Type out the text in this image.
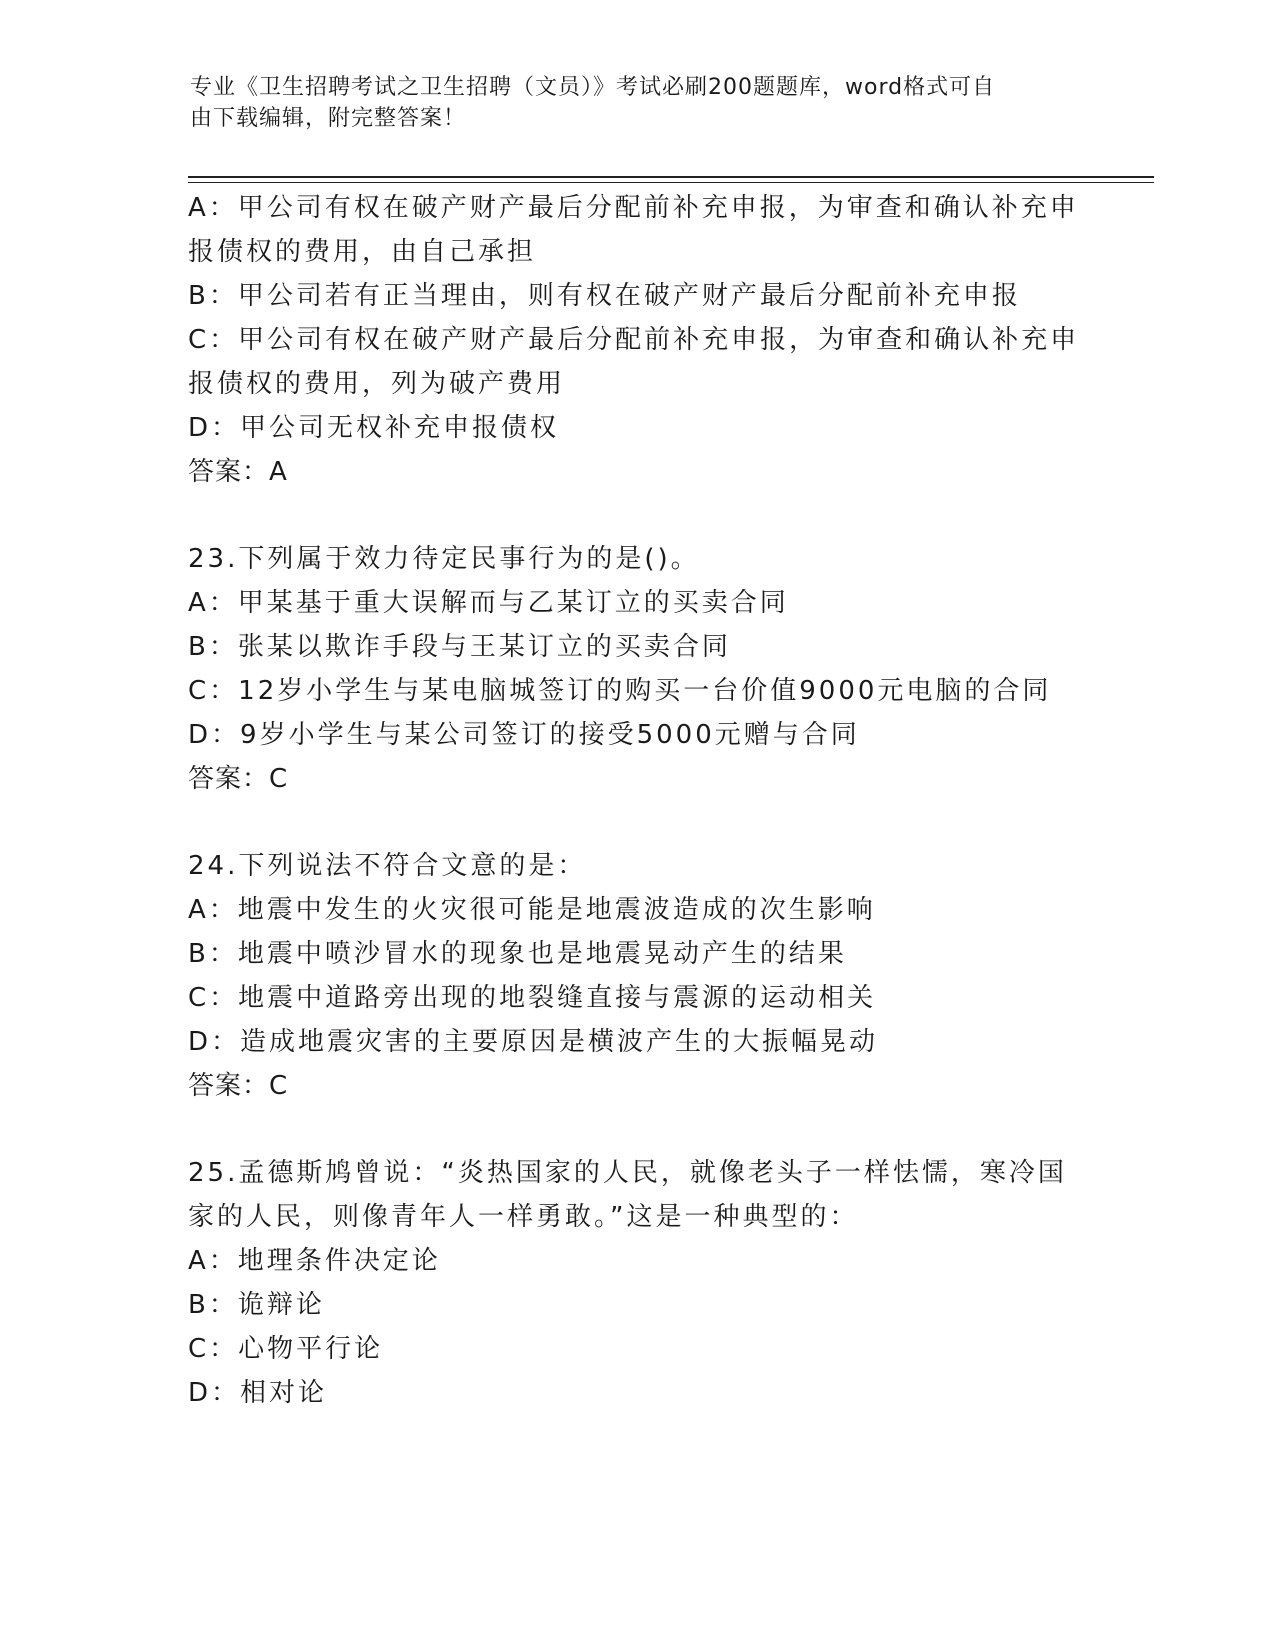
专业《卫生招聘考试之卫生招聘（文员）》考试必刷200题题库，word格式可自
由下载编辑，附完整答案！
A：甲公司有权在破产财产最后分配前补充申报，为审查和确认补充申
报债权的费用，由自己承担
B：甲公司若有正当理由，则有权在破产财产最后分配前补充申报
C：甲公司有权在破产财产最后分配前补充申报，为审查和确认补充申
报债权的费用，列为破产费用
D：甲公司无权补充申报债权
答案：A
23.下列属于效力待定民事行为的是()。
A：甲某基于重大误解而与乙某订立的买卖合同
B：张某以欺诈手段与王某订立的买卖合同
C：12岁小学生与某电脑城签订的购买一台价值9000元电脑的合同
D：9岁小学生与某公司签订的接受5000元赠与合同
答案：C
24.下列说法不符合文意的是：
A：地震中发生的火灾很可能是地震波造成的次生影响
B：地震中喷沙冒水的现象也是地震晃动产生的结果
C：地震中道路旁出现的地裂缝直接与震源的运动相关
D：造成地震灾害的主要原因是横波产生的大振幅晃动
答案：C
25.孟德斯鸠曾说：“炎热国家的人民，就像老头子一样怯懦，寒冷国
家的人民，则像青年人一样勇敢。”这是一种典型的：
A：地理条件决定论
B：诡辩论
C：心物平行论
D：相对论
